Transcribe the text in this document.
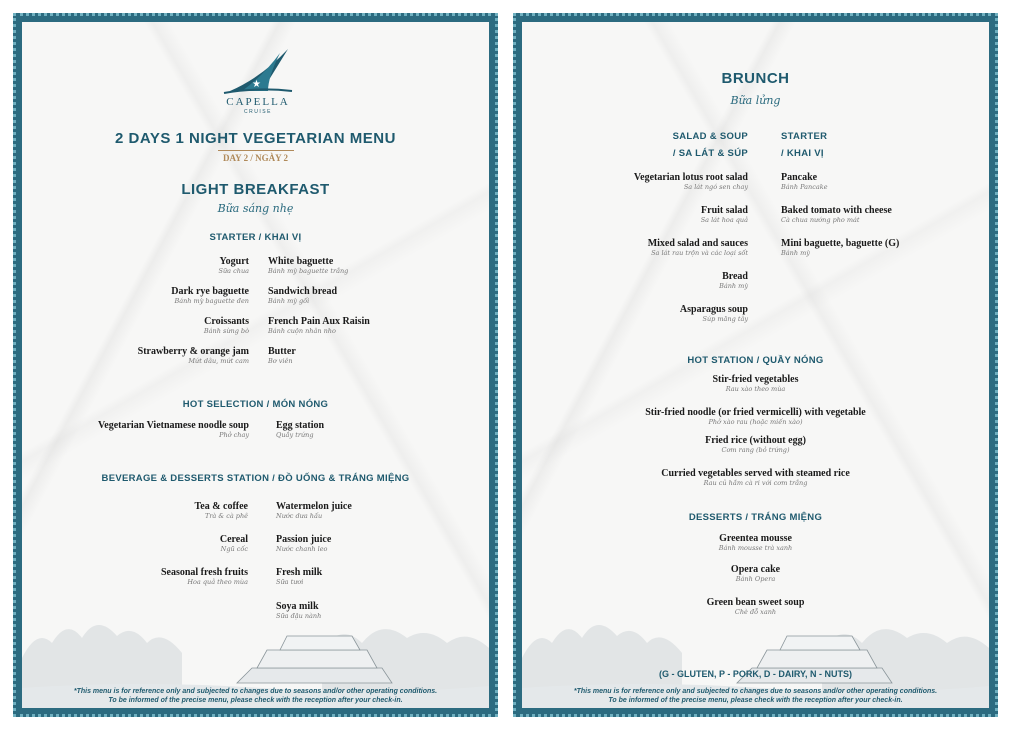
★
CAPELLA
CRUISE
2 DAYS 1 NIGHT VEGETARIAN MENU
DAY 2 / NGÀY 2
LIGHT BREAKFAST
Bữa sáng nhẹ
STARTER / KHAI VỊ
Yogurt
Sữa chua
Dark rye baguette
Bánh mỳ baguette đen
Croissants
Bánh sừng bò
Strawberry & orange jam
Mứt dâu, mứt cam
White baguette
Bánh mỳ baguette trắng
Sandwich bread
Bánh mỳ gối
French Pain Aux Raisin
Bánh cuộn nhân nho
Butter
Bơ viên
HOT SELECTION / MÓN NÓNG
Vegetarian Vietnamese noodle soup
Phở chay
Egg station
Quầy trứng
BEVERAGE & DESSERTS STATION / ĐỒ UỐNG & TRÁNG MIỆNG
Tea & coffee
Trà & cà phê
Cereal
Ngũ cốc
Seasonal fresh fruits
Hoa quả theo mùa
Watermelon juice
Nước dưa hấu
Passion juice
Nước chanh leo
Fresh milk
Sữa tươi
Soya milk
Sữa đậu nành
*This menu is for reference only and subjected to changes due to seasons and/or other operating conditions.
To be informed of the precise menu, please check with the reception after your check-in.
BRUNCH
Bữa lửng
SALAD & SOUP
/ SA LÁT & SÚP
STARTER
/ KHAI VỊ
Vegetarian lotus root salad
Sa lát ngó sen chay
Fruit salad
Sa lát hoa quả
Mixed salad and sauces
Sa lát rau trộn và các loại sốt
Bread
Bánh mỳ
Asparagus soup
Súp măng tây
Pancake
Bánh Pancake
Baked tomato with cheese
Cà chua nướng pho mát
Mini baguette, baguette (G)
Bánh mỳ
HOT STATION / QUẦY NÓNG
Stir-fried vegetables
Rau xào theo mùa
Stir-fried noodle (or fried vermicelli) with vegetable
Phở xào rau (hoặc miến xào)
Fried rice (without egg)
Cơm rang (bỏ trứng)
Curried vegetables served with steamed rice
Rau củ hầm cà ri với cơm trắng
DESSERTS / TRÁNG MIỆNG
Greentea mousse
Bánh mousse trà xanh
Opera cake
Bánh Opera
Green bean sweet soup
Chè đỗ xanh
(G - GLUTEN, P - PORK, D - DAIRY, N - NUTS)
*This menu is for reference only and subjected to changes due to seasons and/or other operating conditions.
To be informed of the precise menu, please check with the reception after your check-in.
